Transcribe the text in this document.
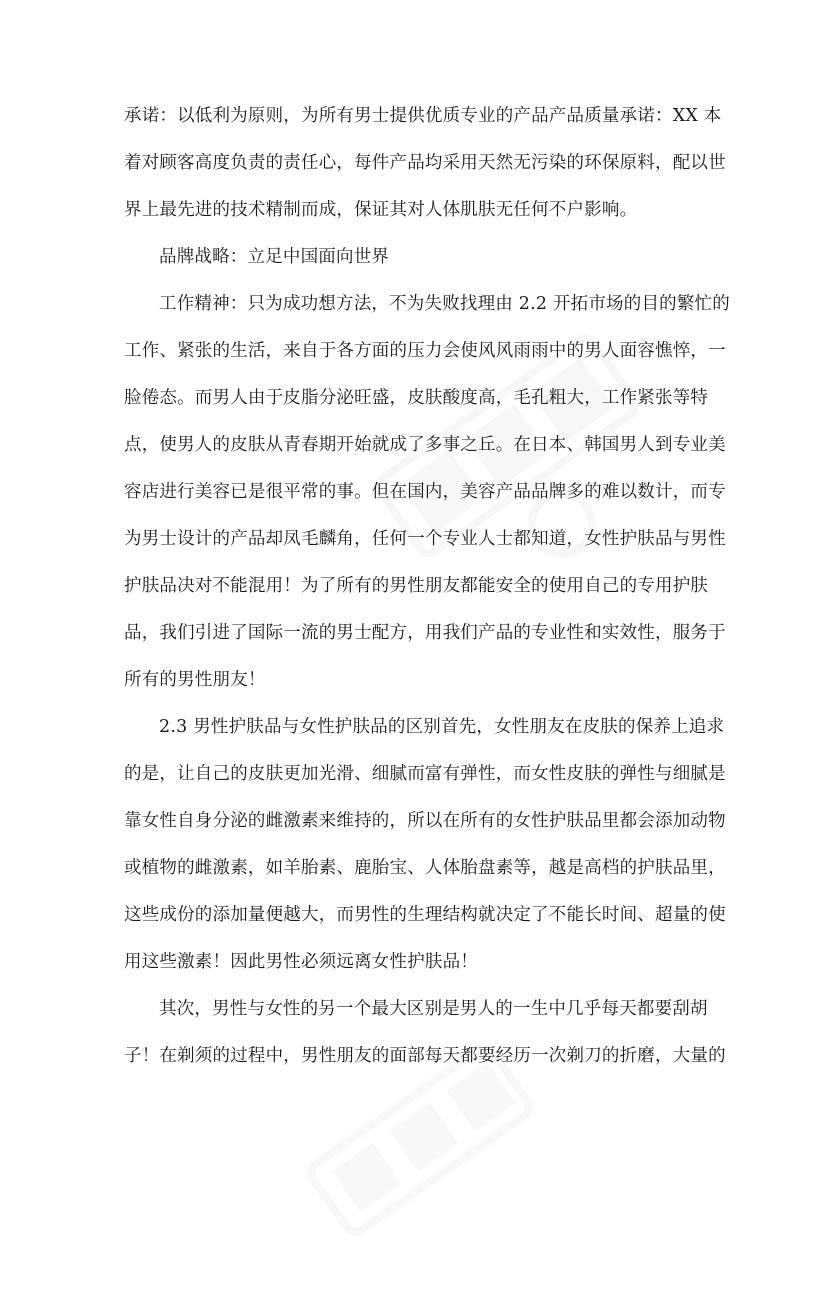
承诺：以低利为原则，为所有男士提供优质专业的产品产品质量承诺：XX 本
着对顾客高度负责的责任心，每件产品均采用天然无污染的环保原料，配以世
界上最先进的技术精制而成，保证其对人体肌肤无任何不户影响。
品牌战略：立足中国面向世界
工作精神：只为成功想方法，不为失败找理由 2.2 开拓市场的目的繁忙的
工作、紧张的生活，来自于各方面的压力会使风风雨雨中的男人面容憔悴，一
脸倦态。而男人由于皮脂分泌旺盛，皮肤酸度高，毛孔粗大，工作紧张等特
点，使男人的皮肤从青春期开始就成了多事之丘。在日本、韩国男人到专业美
容店进行美容已是很平常的事。但在国内，美容产品品牌多的难以数计，而专
为男士设计的产品却凤毛麟角，任何一个专业人士都知道，女性护肤品与男性
护肤品决对不能混用！为了所有的男性朋友都能安全的使用自己的专用护肤
品，我们引进了国际一流的男士配方，用我们产品的专业性和实效性，服务于
所有的男性朋友！
2.3 男性护肤品与女性护肤品的区别首先，女性朋友在皮肤的保养上追求
的是，让自己的皮肤更加光滑、细腻而富有弹性，而女性皮肤的弹性与细腻是
靠女性自身分泌的雌激素来维持的，所以在所有的女性护肤品里都会添加动物
或植物的雌激素，如羊胎素、鹿胎宝、人体胎盘素等，越是高档的护肤品里，
这些成份的添加量便越大，而男性的生理结构就决定了不能长时间、超量的使
用这些激素！因此男性必须远离女性护肤品！
其次，男性与女性的另一个最大区别是男人的一生中几乎每天都要刮胡
子！在剃须的过程中，男性朋友的面部每天都要经历一次剃刀的折磨，大量的
